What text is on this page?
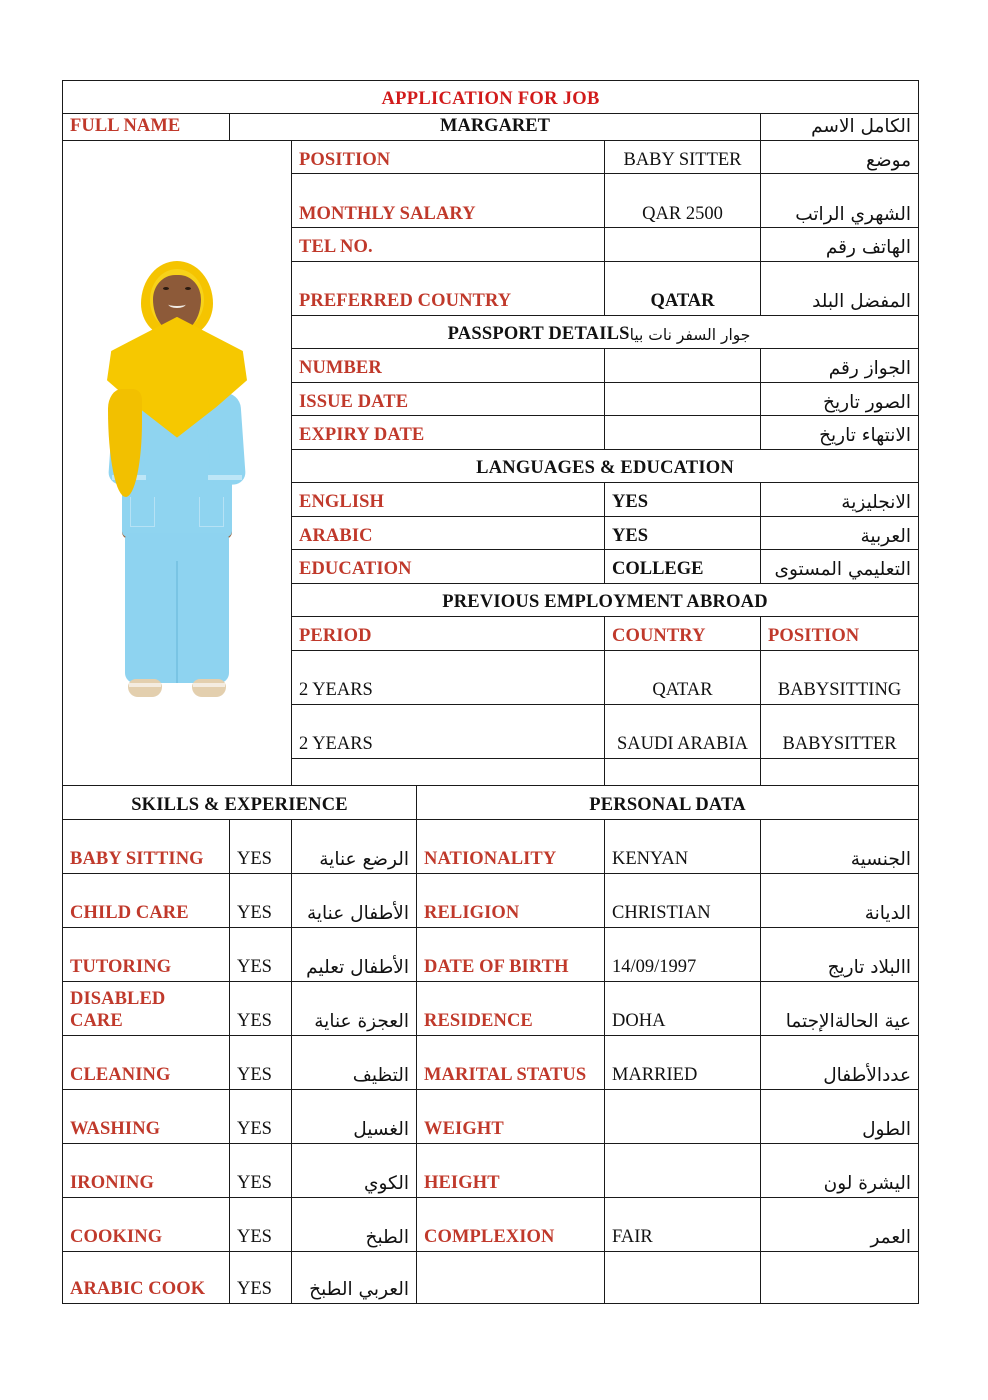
APPLICATION FOR JOB					
FULL NAME	MARGARET				الكامل الاسم

		POSITION		BABY SITTER	موضع
		MONTHLY SALARY		QAR 2500	الشهري الراتب
		TEL NO.			الهاتف رقم
		PREFERRED COUNTRY		QATAR	المفضل البلد
		PASSPORT DETAILSجوار السفر نات بيا			
		NUMBER			الجواز رقم
		ISSUE DATE			الصور تاريخ
		EXPIRY DATE			الانتهاء تاريخ
		LANGUAGES & EDUCATION			
		ENGLISH		YES	الانجليزية
		ARABIC		YES	العربية
		EDUCATION		COLLEGE	التعليمي المستوى
		PREVIOUS EMPLOYMENT ABROAD			
		PERIOD		COUNTRY	POSITION
		2 YEARS		QATAR	BABYSITTING
		2 YEARS		SAUDI ARABIA	BABYSITTER

SKILLS & EXPERIENCE			PERSONAL DATA		
BABY SITTING	YES	الرضع عناية	NATIONALITY	KENYAN	الجنسية
CHILD CARE	YES	الأطفال عناية	RELIGION	CHRISTIAN	الديانة
TUTORING	YES	الأطفال تعليم	DATE OF BIRTH	14/09/1997	االبلاد تاريج
DISABLED CARE	YES	العجزة عناية	RESIDENCE	DOHA	عية الحالةالإجتما
CLEANING	YES	التظيف	MARITAL STATUS	MARRIED	عددالأطفال
WASHING	YES	الغسيل	WEIGHT		الطول
IRONING	YES	الكوي	HEIGHT		اليشرة لون
COOKING	YES	الطبخ	COMPLEXION	FAIR	العمر
ARABIC COOK	YES	العربي الطبخ			
